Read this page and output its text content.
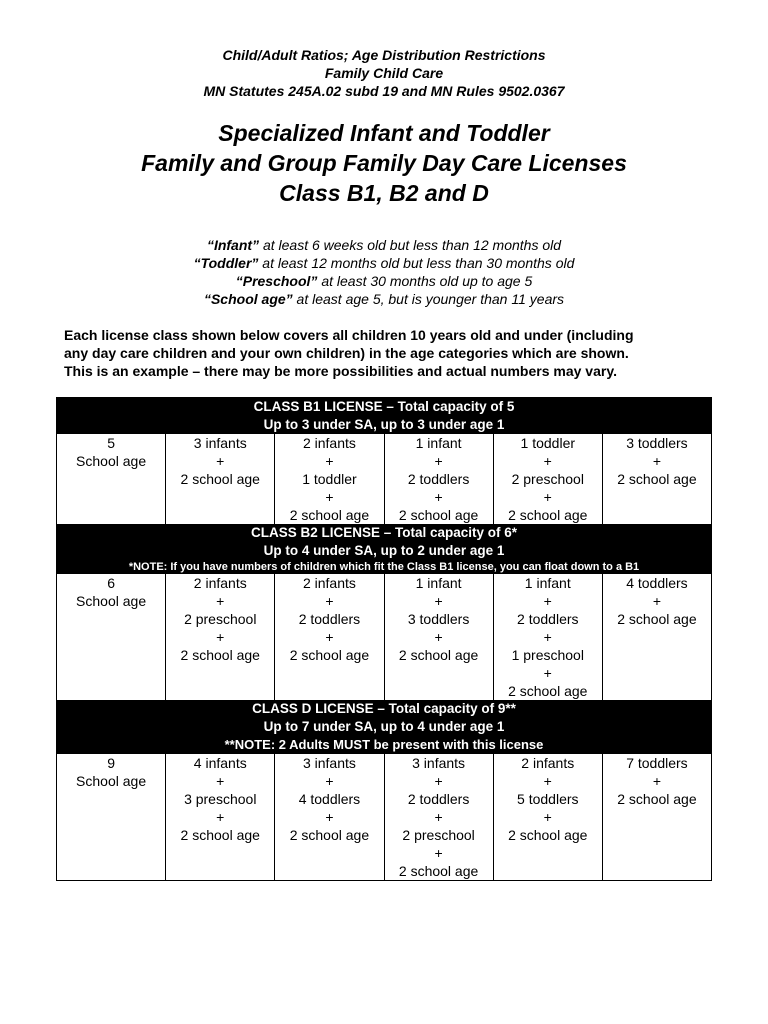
Child/Adult Ratios; Age Distribution Restrictions
Family Child Care
MN Statutes 245A.02 subd 19 and MN Rules 9502.0367
Specialized Infant and Toddler
Family and Group Family Day Care Licenses
Class B1, B2 and D
“Infant” at least 6 weeks old but less than 12 months old
“Toddler” at least 12 months old but less than 30 months old
“Preschool” at least 30 months old up to age 5
“School age” at least age 5, but is younger than 11 years
Each license class shown below covers all children 10 years old and under (including
any day care children and your own children) in the age categories which are shown.
This is an example – there may be more possibilities and actual numbers may vary.
CLASS B1 LICENSE – Total capacity of 5
Up to 3 under SA, up to 3 under age 1
5
School age
3 infants
+
2 school age
2 infants
+
1 toddler
+
2 school age
1 infant
+
2 toddlers
+
2 school age
1 toddler
+
2 preschool
+
2 school age
3 toddlers
+
2 school age
CLASS B2 LICENSE – Total capacity of 6*
Up to 4 under SA, up to 2 under age 1
*NOTE: If you have numbers of children which fit the Class B1 license, you can float down to a B1
6
School age
2 infants
+
2 preschool
+
2 school age
2 infants
+
2 toddlers
+
2 school age
1 infant
+
3 toddlers
+
2 school age
1 infant
+
2 toddlers
+
1 preschool
+
2 school age
4 toddlers
+
2 school age
CLASS D LICENSE – Total capacity of 9**
Up to 7 under SA, up to 4 under age 1
**NOTE: 2 Adults MUST be present with this license
9
School age
4 infants
+
3 preschool
+
2 school age
3 infants
+
4 toddlers
+
2 school age
3 infants
+
2 toddlers
+
2 preschool
+
2 school age
2 infants
+
5 toddlers
+
2 school age
7 toddlers
+
2 school age
